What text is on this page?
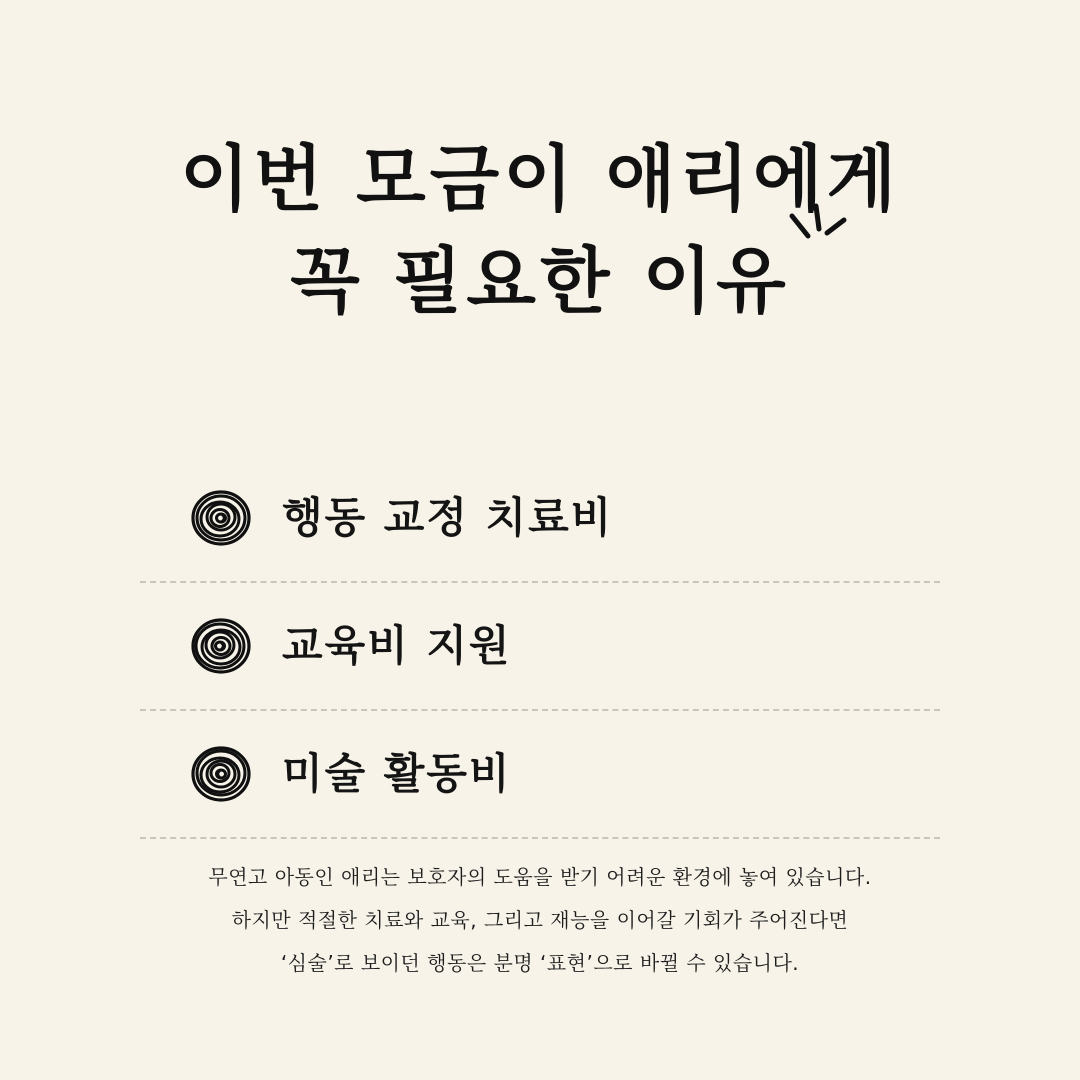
이번 모금이 애리에게
꼭 필요한 이유
행동 교정 치료비
교육비 지원
미술 활동비

무연고 아동인 애리는 보호자의 도움을 받기 어려운 환경에 놓여 있습니다.

하지만 적절한 치료와 교육, 그리고 재능을 이어갈 기회가 주어진다면

‘심술’로 보이던 행동은 분명 ‘표현’으로 바뀔 수 있습니다.
